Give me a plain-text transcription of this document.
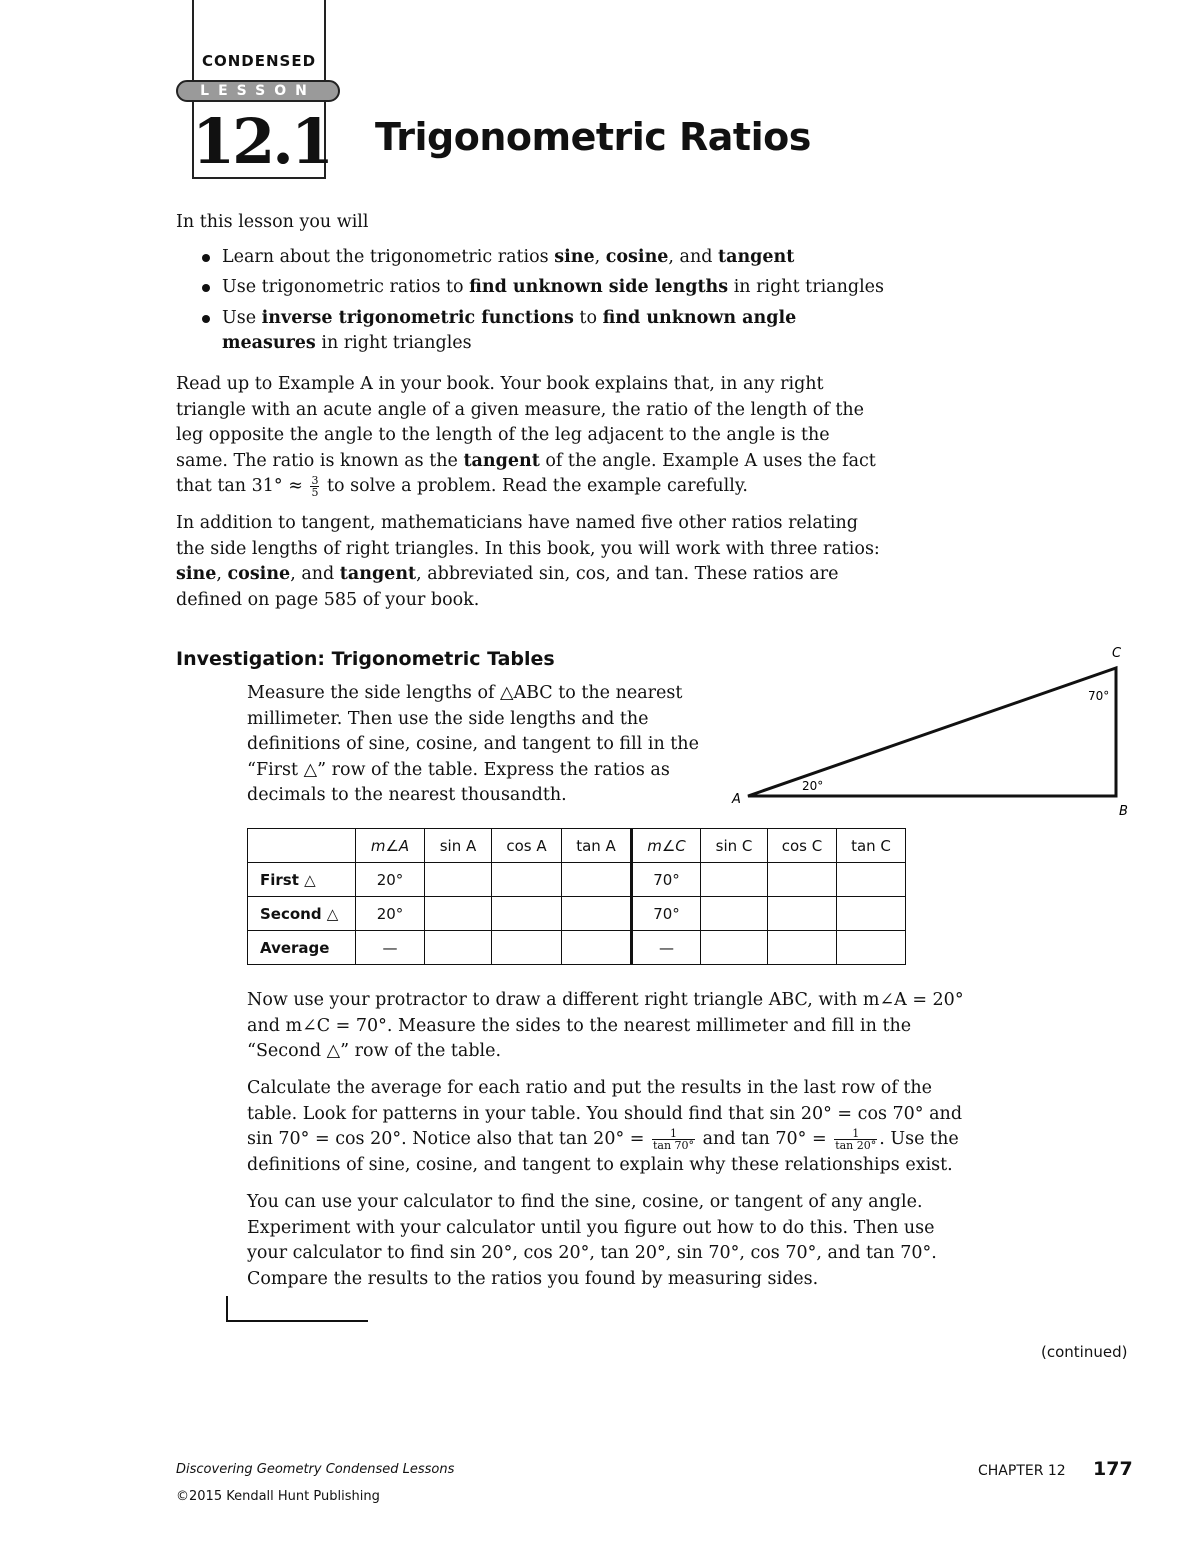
CONDENSED
LESSON
12.1 Trigonometric Ratios

In this lesson you will

Learn about the trigonometric ratios sine, cosine, and tangent
Use trigonometric ratios to find unknown side lengths in right triangles
Use inverse trigonometric functions to find unknown angle measures in right triangles

Read up to Example A in your book. Your book explains that, in any right triangle with an acute angle of a given measure, the ratio of the length of the leg opposite the angle to the length of the leg adjacent to the angle is the same. The ratio is known as the tangent of the angle. Example A uses the fact that $\tan 31^\circ \approx \frac{3}{5}$ to solve a problem. Read the example carefully.

In addition to tangent, mathematicians have named five other ratios relating the side lengths of right triangles. In this book, you will work with three ratios: sine, cosine, and tangent, abbreviated sin, cos, and tan. These ratios are defined on page 585 of your book.

Investigation: Trigonometric Tables

Measure the side lengths of △ABC to the nearest millimeter. Then use the side lengths and the definitions of sine, cosine, and tangent to fill in the “First △” row of the table. Express the ratios as decimals to the nearest thousandth.	A
B
C
20°
70°
	m∠A	sin A	cos A	tan A	m∠C	sin C	cos C	tan C
First △	20°				70°			
Second △	20°				70°			
Average	—				—			

Now use your protractor to draw a different right triangle ABC, with m∠A = 20° and m∠C = 70°. Measure the sides to the nearest millimeter and fill in the “Second △” row of the table.

Calculate the average for each ratio and put the results in the last row of the table. Look for patterns in your table. You should find that sin 20° = cos 70° and sin 70° = cos 20°. Notice also that $\tan 20^\circ = \frac{1}{\tan 70^\circ}$ and $\tan 70^\circ = \frac{1}{\tan 20^\circ}$ . Use the definitions of sine, cosine, and tangent to explain why these relationships exist.

You can use your calculator to find the sine, cosine, or tangent of any angle. Experiment with your calculator until you figure out how to do this. Then use your calculator to find sin 20°, cos 20°, tan 20°, sin 70°, cos 70°, and tan 70°. Compare the results to the ratios you found by measuring sides.

(continued)
Discovering Geometry Condensed Lessons
©2015 Kendall Hunt Publishing
CHAPTER 12 177
